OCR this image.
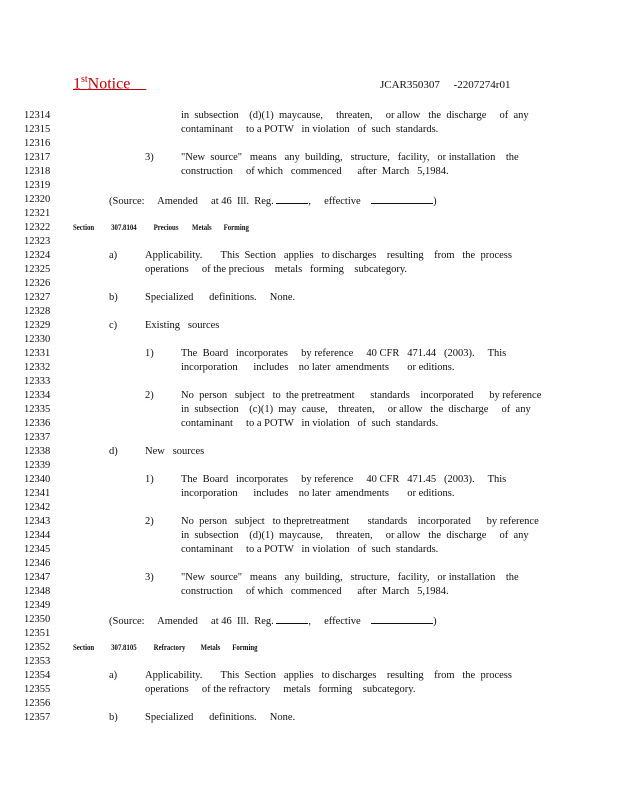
1stNotice	JCAR350307     -2207274r01
12314
12315
12316
12317
12318
12319
12320
12321
12322
12323
12324
12325
12326
12327
12328
12329
12330
12331
12332
12333
12334
12335
12336
12337
12338
12339
12340
12341
12342
12343
12344
12345
12346
12347
12348
12349
12350
12351
12352
12353
12354
12355
12356
12357
in  subsection    (d)(1)  maycause,     threaten,     or allow   the  discharge     of  any
contaminant     to a POTW   in violation   of  such  standards.
3)	"New  source"   means   any  building,   structure,   facility,   or installation    the
construction     of which   commenced      after  March   5,1984.
(Source:     Amended     at 46  Ill.  Reg.	,     effective	)
Section 307.8104 Precious        Metals       Forming
a)	Applicability.       This  Section   applies   to discharges    resulting    from   the  process
operations     of the precious    metals   forming    subcategory.
b)	Specialized      definitions.     None.
c)	Existing   sources
1)	The  Board   incorporates     by reference     40 CFR   471.44   (2003).     This
incorporation      includes    no later  amendments       or editions.
2)	No  person   subject   to  the pretreatment      standards    incorporated      by reference
in  subsection    (c)(1)  may  cause,    threaten,     or allow   the  discharge     of  any
contaminant     to a POTW   in violation   of  such  standards.
d)	New   sources
1)	The  Board   incorporates     by reference     40 CFR   471.45   (2003).     This
incorporation      includes    no later  amendments       or editions.
2)	No  person   subject   to thepretreatment       standards    incorporated      by reference
in  subsection    (d)(1)  maycause,     threaten,     or allow   the  discharge     of  any
contaminant     to a POTW   in violation   of  such  standards.
3)	"New  source"   means   any  building,   structure,   facility,   or installation    the
construction     of which   commenced      after  March   5,1984.
(Source:     Amended     at 46  Ill.  Reg.	,     effective	)
Section 307.8105 Refractory         Metals       Forming
a)	Applicability.       This  Section   applies   to discharges    resulting    from   the  process
operations     of the refractory     metals   forming    subcategory.
b)	Specialized      definitions.     None.
